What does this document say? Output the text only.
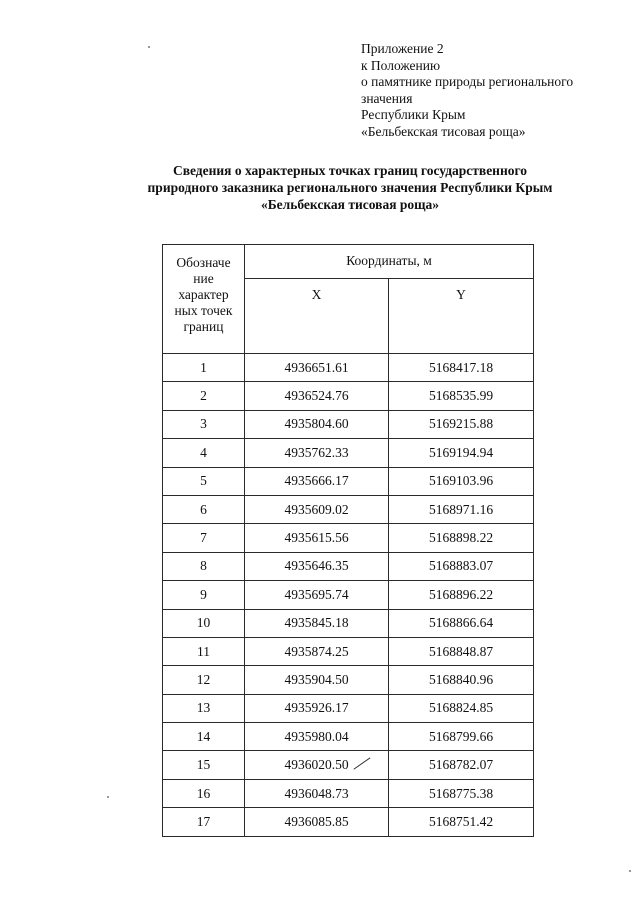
Приложение 2
к Положению
о памятнике природы регионального
значения
Республики Крым
«Бельбекская тисовая роща»
Сведения о характерных точках границ государственного
природного заказника регионального значения Республики Крым
«Бельбекская тисовая роща»
Обозначе
ние
характер
ных точек
границ	Координаты, м	
	X	Y
1	4936651.61	5168417.18
2	4936524.76	5168535.99
3	4935804.60	5169215.88
4	4935762.33	5169194.94
5	4935666.17	5169103.96
6	4935609.02	5168971.16
7	4935615.56	5168898.22
8	4935646.35	5168883.07
9	4935695.74	5168896.22
10	4935845.18	5168866.64
11	4935874.25	5168848.87
12	4935904.50	5168840.96
13	4935926.17	5168824.85
14	4935980.04	5168799.66
15	4936020.50	5168782.07
16	4936048.73	5168775.38
17	4936085.85	5168751.42
